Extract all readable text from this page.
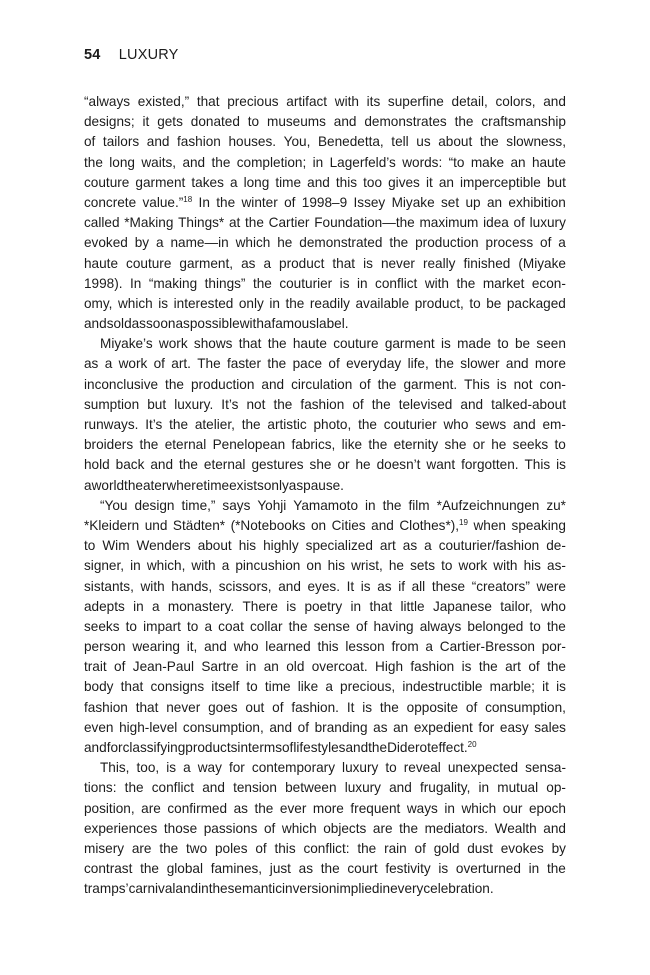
54 LUXURY
“always existed,” that precious artifact with its superfine detail, colors, and
designs; it gets donated to museums and demonstrates the craftsmanship
of tailors and fashion houses. You, Benedetta, tell us about the slowness,
the long waits, and the completion; in Lagerfeld’s words: “to make an haute
couture garment takes a long time and this too gives it an imperceptible but
concrete value.”$^{18}$ In the winter of 1998–9 Issey Miyake set up an exhibition
called *Making Things* at the Cartier Foundation—the maximum idea of luxury
evoked by a name—in which he demonstrated the production process of a
haute couture garment, as a product that is never really finished (Miyake
1998). In “making things” the couturier is in conflict with the market econ-
omy, which is interested only in the readily available product, to be packaged
and sold as soon as possible with a famous label.
Miyake’s work shows that the haute couture garment is made to be seen
as a work of art. The faster the pace of everyday life, the slower and more
inconclusive the production and circulation of the garment. This is not con-
sumption but luxury. It’s not the fashion of the televised and talked-about
runways. It’s the atelier, the artistic photo, the couturier who sews and em-
broiders the eternal Penelopean fabrics, like the eternity she or he seeks to
hold back and the eternal gestures she or he doesn’t want forgotten. This is
a world theater where time exists only as pause.
“You design time,” says Yohji Yamamoto in the film *Aufzeichnungen zu*
*Kleidern und Städten* (*Notebooks on Cities and Clothes*),$^{19}$ when speaking
to Wim Wenders about his highly specialized art as a couturier/fashion de-
signer, in which, with a pincushion on his wrist, he sets to work with his as-
sistants, with hands, scissors, and eyes. It is as if all these “creators” were
adepts in a monastery. There is poetry in that little Japanese tailor, who
seeks to impart to a coat collar the sense of having always belonged to the
person wearing it, and who learned this lesson from a Cartier-Bresson por-
trait of Jean-Paul Sartre in an old overcoat. High fashion is the art of the
body that consigns itself to time like a precious, indestructible marble; it is
fashion that never goes out of fashion. It is the opposite of consumption,
even high-level consumption, and of branding as an expedient for easy sales
and for classifying products in terms of lifestyles and the Diderot effect.$^{20}$
This, too, is a way for contemporary luxury to reveal unexpected sensa-
tions: the conflict and tension between luxury and frugality, in mutual op-
position, are confirmed as the ever more frequent ways in which our epoch
experiences those passions of which objects are the mediators. Wealth and
misery are the two poles of this conflict: the rain of gold dust evokes by
contrast the global famines, just as the court festivity is overturned in the
tramps’ carnival and in the semantic inversion implied in every celebration.
